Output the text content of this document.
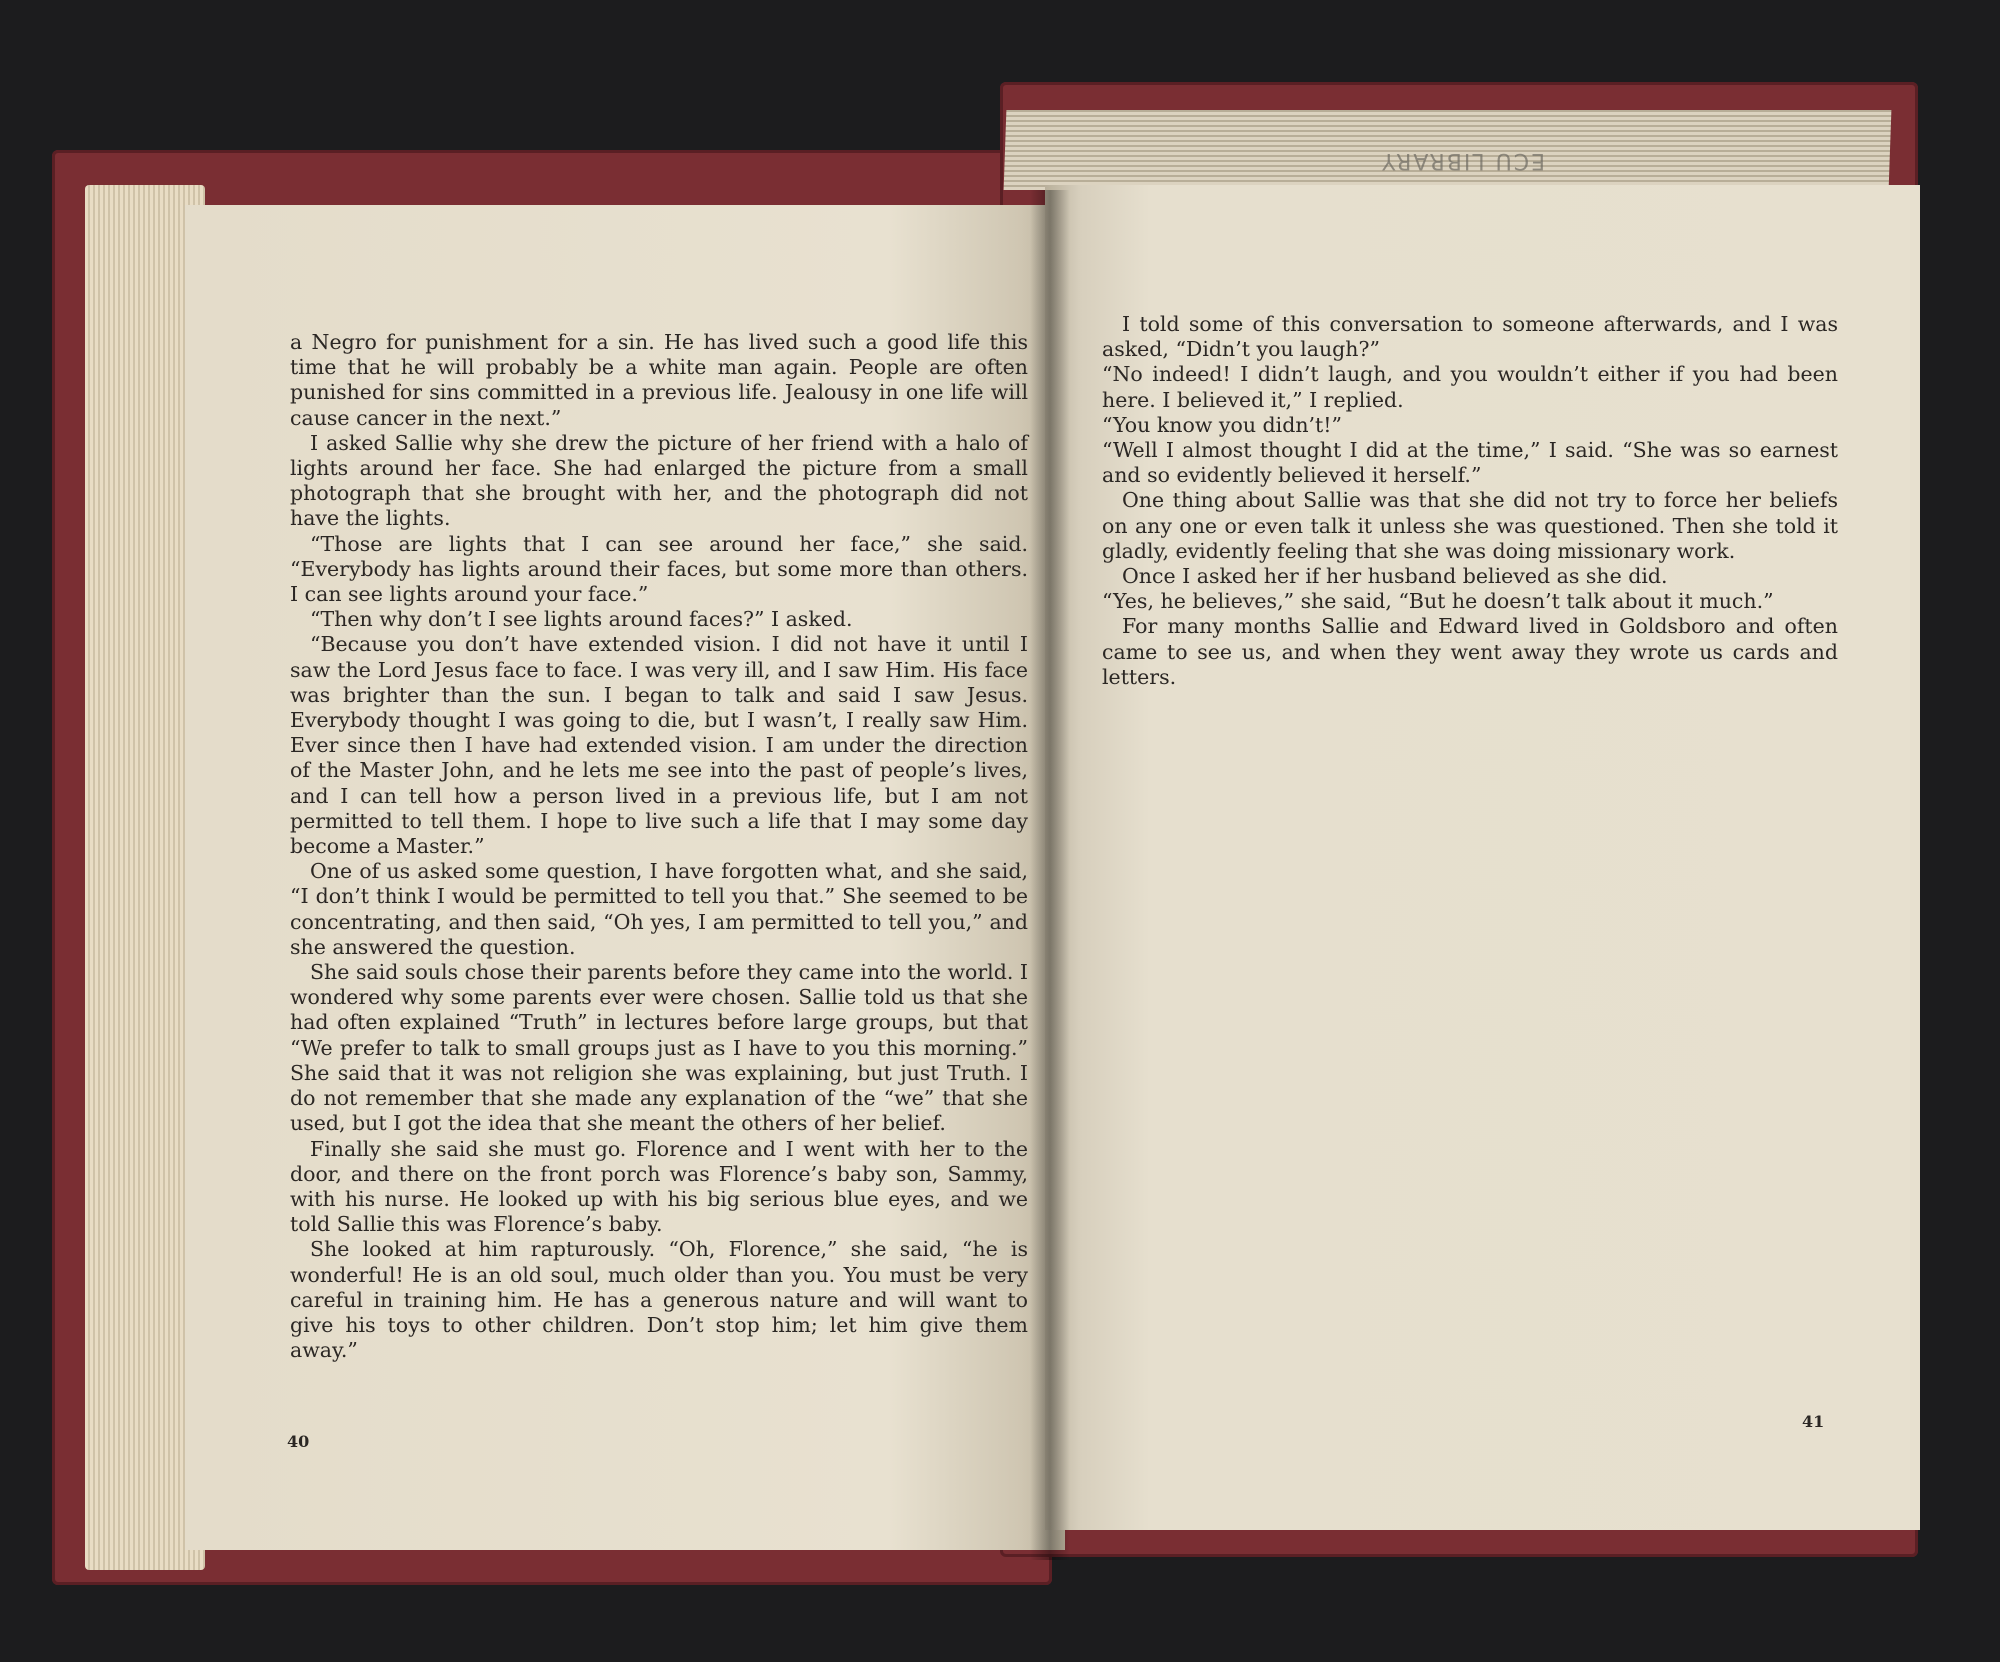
ECU LIBRARY

a Negro for punishment for a sin. He has lived such a good life this time that he will probably be a white man again. People are often punished for sins committed in a previous life. Jealousy in one life will cause cancer in the next.”

I asked Sallie why she drew the picture of her friend with a halo of lights around her face. She had enlarged the picture from a small photograph that she brought with her, and the photograph did not have the lights.

“Those are lights that I can see around her face,” she said. “Everybody has lights around their faces, but some more than others. I can see lights around your face.”

“Then why don’t I see lights around faces?” I asked.

“Because you don’t have extended vision. I did not have it until I saw the Lord Jesus face to face. I was very ill, and I saw Him. His face was brighter than the sun. I began to talk and said I saw Jesus. Everybody thought I was going to die, but I wasn’t, I really saw Him. Ever since then I have had extended vision. I am under the direction of the Master John, and he lets me see into the past of people’s lives, and I can tell how a person lived in a previous life, but I am not permitted to tell them. I hope to live such a life that I may some day become a Master.”

One of us asked some question, I have forgotten what, and she said, “I don’t think I would be permitted to tell you that.” She seemed to be concentrating, and then said, “Oh yes, I am permitted to tell you,” and she answered the question.

She said souls chose their parents before they came into the world. I wondered why some parents ever were chosen. Sallie told us that she had often explained “Truth” in lectures before large groups, but that “We prefer to talk to small groups just as I have to you this morning.” She said that it was not religion she was explaining, but just Truth. I do not remember that she made any explanation of the “we” that she used, but I got the idea that she meant the others of her belief.

Finally she said she must go. Florence and I went with her to the door, and there on the front porch was Florence’s baby son, Sammy, with his nurse. He looked up with his big serious blue eyes, and we told Sallie this was Florence’s baby.

She looked at him rapturously. “Oh, Florence,” she said, “he is wonderful! He is an old soul, much older than you. You must be very careful in training him. He has a generous nature and will want to give his toys to other children. Don’t stop him; let him give them away.”

40

I told some of this conversation to someone afterwards, and I was asked, “Didn’t you laugh?”

“No indeed! I didn’t laugh, and you wouldn’t either if you had been here. I believed it,” I replied.

“You know you didn’t!”

“Well I almost thought I did at the time,” I said. “She was so earnest and so evidently believed it herself.”

One thing about Sallie was that she did not try to force her beliefs on any one or even talk it unless she was questioned. Then she told it gladly, evidently feeling that she was doing missionary work.

Once I asked her if her husband believed as she did.

“Yes, he believes,” she said, “But he doesn’t talk about it much.”

For many months Sallie and Edward lived in Goldsboro and often came to see us, and when they went away they wrote us cards and letters.

41
